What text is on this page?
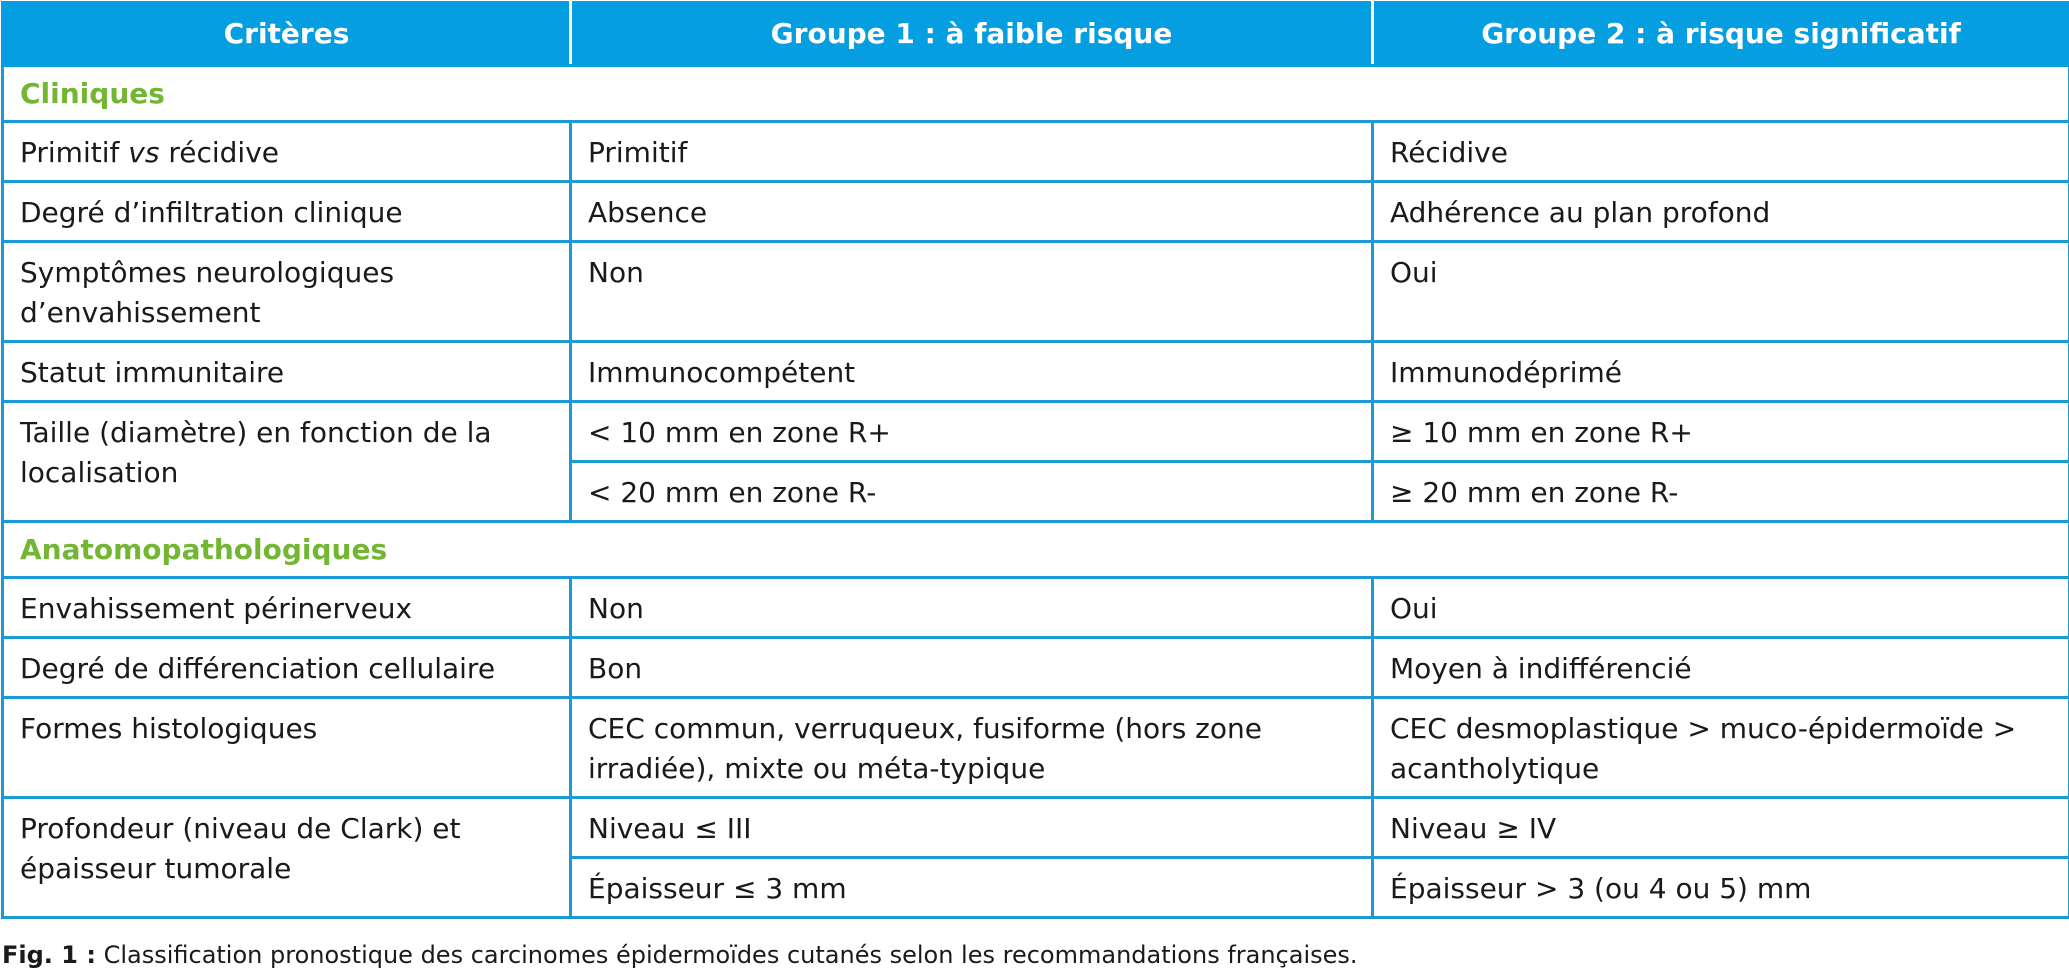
Critères	Groupe 1 : à faible risque	Groupe 2 : à risque significatif
Cliniques		
Primitif vs récidive	Primitif	Récidive
Degré d’infiltration clinique	Absence	Adhérence au plan profond
Symptômes neurologiques d’envahissement	Non	Oui
Statut immunitaire	Immunocompétent	Immunodéprimé
Taille (diamètre) en fonction de la localisation	< 10 mm en zone R+	≥ 10 mm en zone R+
	< 20 mm en zone R-	≥ 20 mm en zone R-
Anatomopathologiques		
Envahissement périnerveux	Non	Oui
Degré de différenciation cellulaire	Bon	Moyen à indifférencié
Formes histologiques	CEC commun, verruqueux, fusiforme (hors zone irradiée), mixte ou méta-typique	CEC desmoplastique > muco-épidermoïde > acantholytique
Profondeur (niveau de Clark) et épaisseur tumorale	Niveau ≤ III	Niveau ≥ IV
	Épaisseur ≤ 3 mm	Épaisseur > 3 (ou 4 ou 5) mm
Fig. 1 : Classification pronostique des carcinomes épidermoïdes cutanés selon les recommandations françaises.
